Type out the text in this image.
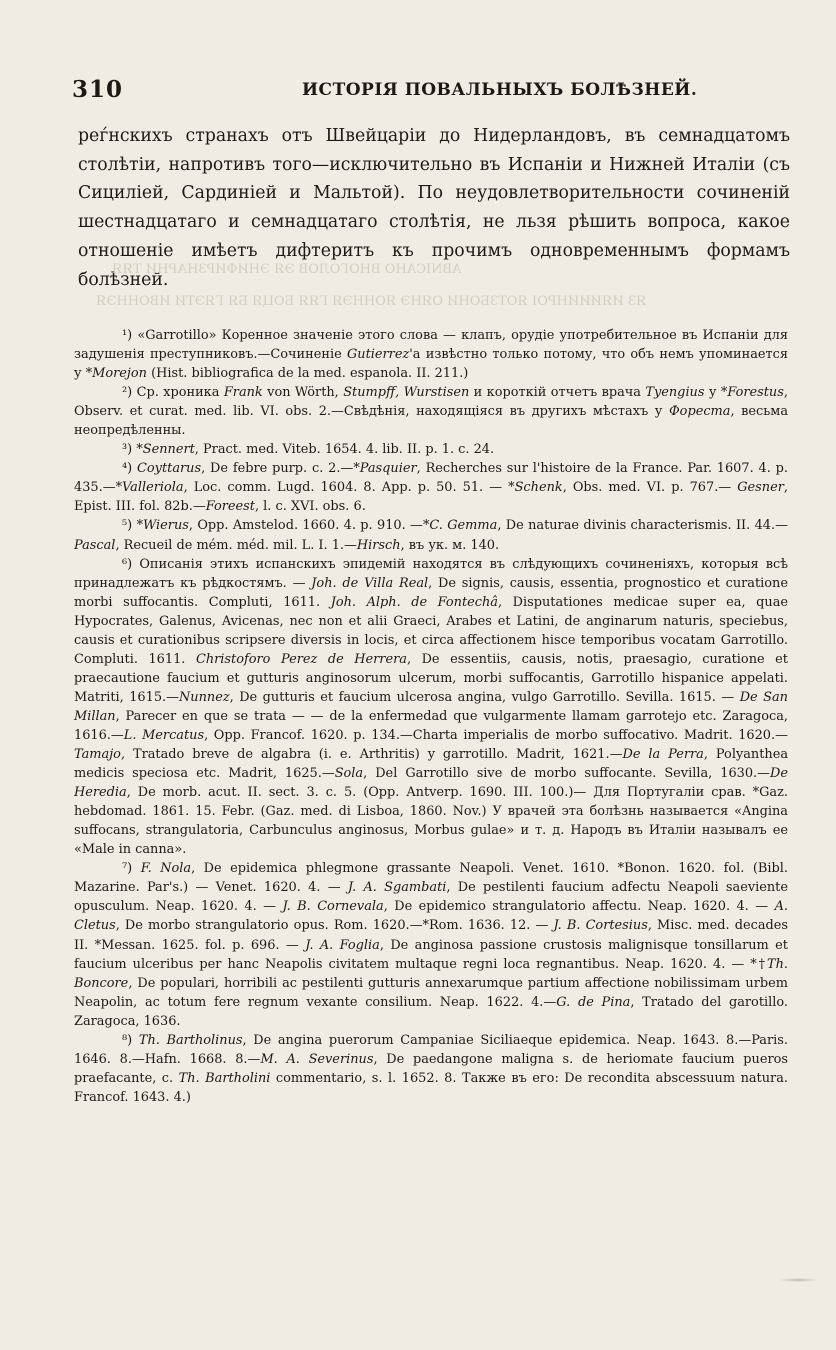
310	ИСТОРІЯ ПОВАЛЬНЫХЪ БОЛѢЗНЕЙ.

реѓнскихъ странахъ отъ Швейцаріи до Нидерландовъ, въ семнадцатомъ столѣтіи, напротивъ того—исключительно въ Испаніи и Нижней Италіи (съ Сициліей, Сардиніей и Мальтой). По неудовлетворительности сочиненій шестнадцатаго и семнадцатаго столѣтія, не льзя рѣшить вопроса, какое отношеніе имѣетъ дифтеритъ къ прочимъ одновременнымъ формамъ болѣзней.

ABNICAНО ВНОГОЛОВ ЭЯ ЭНИФИРЗНАРНИ ТЯЯ
ЯЗ ИЯИИИНРОІ ЯОТЗБОНИ ОЯНЭ ЯОННЭЯ ГЯЯ БОЦЯ БЯ ГЯЭТИ ИВОННЭЯ

¹) «Garrotillo» Коренное значеніе этого слова — клапъ, орудіе употребительное въ Испаніи для задушенія преступниковъ.—Сочиненіе Gutierrez'а извѣстно только потому, что объ немъ упоминается у *Morejon (Hist. bibliografica de la med. espanola. II. 211.)

²) Ср. хроника Frank von Wörth, Stumpff, Wurstisen и короткій отчетъ врача Tyengius у *Forestus, Observ. et curat. med. lib. VI. obs. 2.—Свѣдѣнія, находящіяся въ другихъ мѣстахъ у Фореста, весьма неопредѣленны.

³) *Sennert, Pract. med. Viteb. 1654. 4. lib. II. p. 1. c. 24.

⁴) Coyttarus, De febre purp. c. 2.—*Pasquier, Recherches sur l'histoire de la France. Par. 1607. 4. p. 435.—*Valleriola, Loc. comm. Lugd. 1604. 8. App. p. 50. 51. — *Schenk, Obs. med. VI. p. 767.— Gesner, Epist. III. fol. 82b.—Foreest, l. c. XVI. obs. 6.

⁵) *Wierus, Opp. Amstelod. 1660. 4. p. 910. —*C. Gemma, De naturae divinis characterismis. II. 44.—Pascal, Recueil de mém. méd. mil. L. I. 1.—Hirsch, въ ук. м. 140.

⁶) Описанія этихъ испанскихъ эпидемій находятся въ слѣдующихъ сочиненіяхъ, которыя всѣ принадлежатъ къ рѣдкостямъ. — Joh. de Villa Real, De signis, causis, essentia, prognostico et curatione morbi suffocantis. Compluti, 1611. Joh. Alph. de Fontechâ, Disputationes medicae super ea, quae Hypocrates, Galenus, Avicenas, nec non et alii Graeci, Arabes et Latini, de anginarum naturis, speciebus, causis et curationibus scripsere diversis in locis, et circa affectionem hisce temporibus vocatam Garrotillo. Compluti. 1611. Christoforo Perez de Herrera, De essentiis, causis, notis, praesagio, curatione et praecautione faucium et gutturis anginosorum ulcerum, morbi suffocantis, Garrotillo hispanice appelati. Matriti, 1615.—Nunnez, De gutturis et faucium ulcerosa angina, vulgo Garrotillo. Sevilla. 1615. — De San Millan, Parecer en que se trata — — de la enfermedad que vulgarmente llamam garrotejo etc. Zaragoca, 1616.—L. Mercatus, Opp. Francof. 1620. p. 134.—Charta imperialis de morbo suffocativo. Madrit. 1620.—Tamajo, Tratado breve de algabra (i. e. Arthritis) y garrotillo. Madrit, 1621.—De la Perra, Polyanthea medicis speciosa etc. Madrit, 1625.—Sola, Del Garrotillo sive de morbo suffocante. Sevilla, 1630.—De Heredia, De morb. acut. II. sect. 3. c. 5. (Opp. Antverp. 1690. III. 100.)— Для Португаліи срав. *Gaz. hebdomad. 1861. 15. Febr. (Gaz. med. di Lisboa, 1860. Nov.) У врачей эта болѣзнь называется «Angina suffocans, strangulatoria, Carbunculus anginosus, Morbus gulae» и т. д. Народъ въ Италіи называлъ ее «Male in canna».

⁷) F. Nola, De epidemica phlegmone grassante Neapoli. Venet. 1610. *Bonon. 1620. fol. (Bibl. Mazarine. Par's.) — Venet. 1620. 4. — J. A. Sgambati, De pestilenti faucium adfectu Neapoli saeviente opusculum. Neap. 1620. 4. — J. B. Cornevala, De epidemico strangulatorio affectu. Neap. 1620. 4. — A. Cletus, De morbo strangulatorio opus. Rom. 1620.—*Rom. 1636. 12. — J. B. Cortesius, Misc. med. decades II. *Messan. 1625. fol. p. 696. — J. A. Foglia, De anginosa passione crustosis malignisque tonsillarum et faucium ulceribus per hanc Neapolis civitatem multaque regni loca regnantibus. Neap. 1620. 4. — *†Th. Boncore, De populari, horribili ac pestilenti gutturis annexarumque partium affectione nobilissimam urbem Neapolin, ac totum fere regnum vexante consilium. Neap. 1622. 4.—G. de Pina, Tratado del garotillo. Zaragoca, 1636.

⁸) Th. Bartholinus, De angina puerorum Campaniae Siciliaeque epidemica. Neap. 1643. 8.—Paris. 1646. 8.—Hafn. 1668. 8.—M. A. Severinus, De paedangone maligna s. de heriomate faucium pueros praefacante, c. Th. Bartholini commentario, s. l. 1652. 8. Также въ его: De recondita abscessuum natura. Francof. 1643. 4.)
